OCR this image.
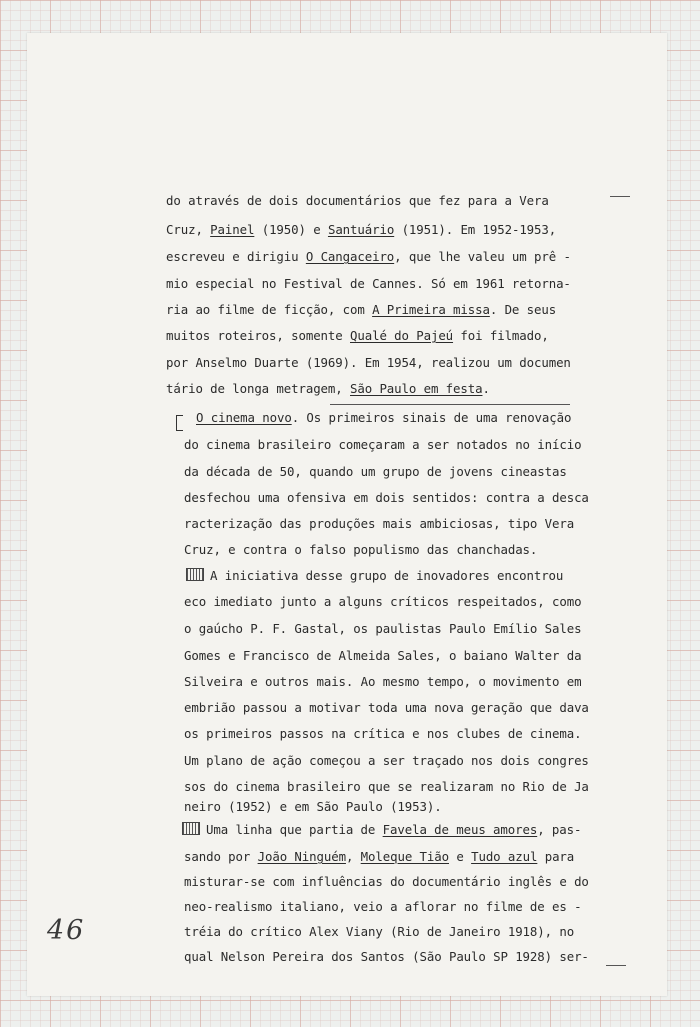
do através de dois documentários que fez para a Vera
Cruz, Painel (1950) e Santuário (1951). Em 1952-1953,
escreveu e dirigiu O Cangaceiro, que lhe valeu um prê -
mio especial no Festival de Cannes. Só em 1961 retorna-
ria ao filme de ficção, com A Primeira missa. De seus
muitos roteiros, somente Qualé do Pajeú foi filmado,
por Anselmo Duarte (1969). Em 1954, realizou um documen
tário de longa metragem, São Paulo em festa.
O cinema novo. Os primeiros sinais de uma renovação
do cinema brasileiro começaram a ser notados no início
da década de 50, quando um grupo de jovens cineastas
desfechou uma ofensiva em dois sentidos: contra a desca
racterização das produções mais ambiciosas, tipo Vera
Cruz, e contra o falso populismo das chanchadas.
A iniciativa desse grupo de inovadores encontrou
eco imediato junto a alguns críticos respeitados, como
o gaúcho P. F. Gastal, os paulistas Paulo Emílio Sales
Gomes e Francisco de Almeida Sales, o baiano Walter da
Silveira e outros mais. Ao mesmo tempo, o movimento em
embrião passou a motivar toda uma nova geração que dava
os primeiros passos na crítica e nos clubes de cinema.
Um plano de ação começou a ser traçado nos dois congres
sos do cinema brasileiro que se realizaram no Rio de Ja
neiro (1952) e em São Paulo (1953).
Uma linha que partia de Favela de meus amores, pas-
sando por João Ninguém, Moleque Tião e Tudo azul para
misturar-se com influências do documentário inglês e do
neo-realismo italiano, veio a aflorar no filme de es -
tréia do crítico Alex Viany (Rio de Janeiro 1918), no
qual Nelson Pereira dos Santos (São Paulo SP 1928) ser-
46
